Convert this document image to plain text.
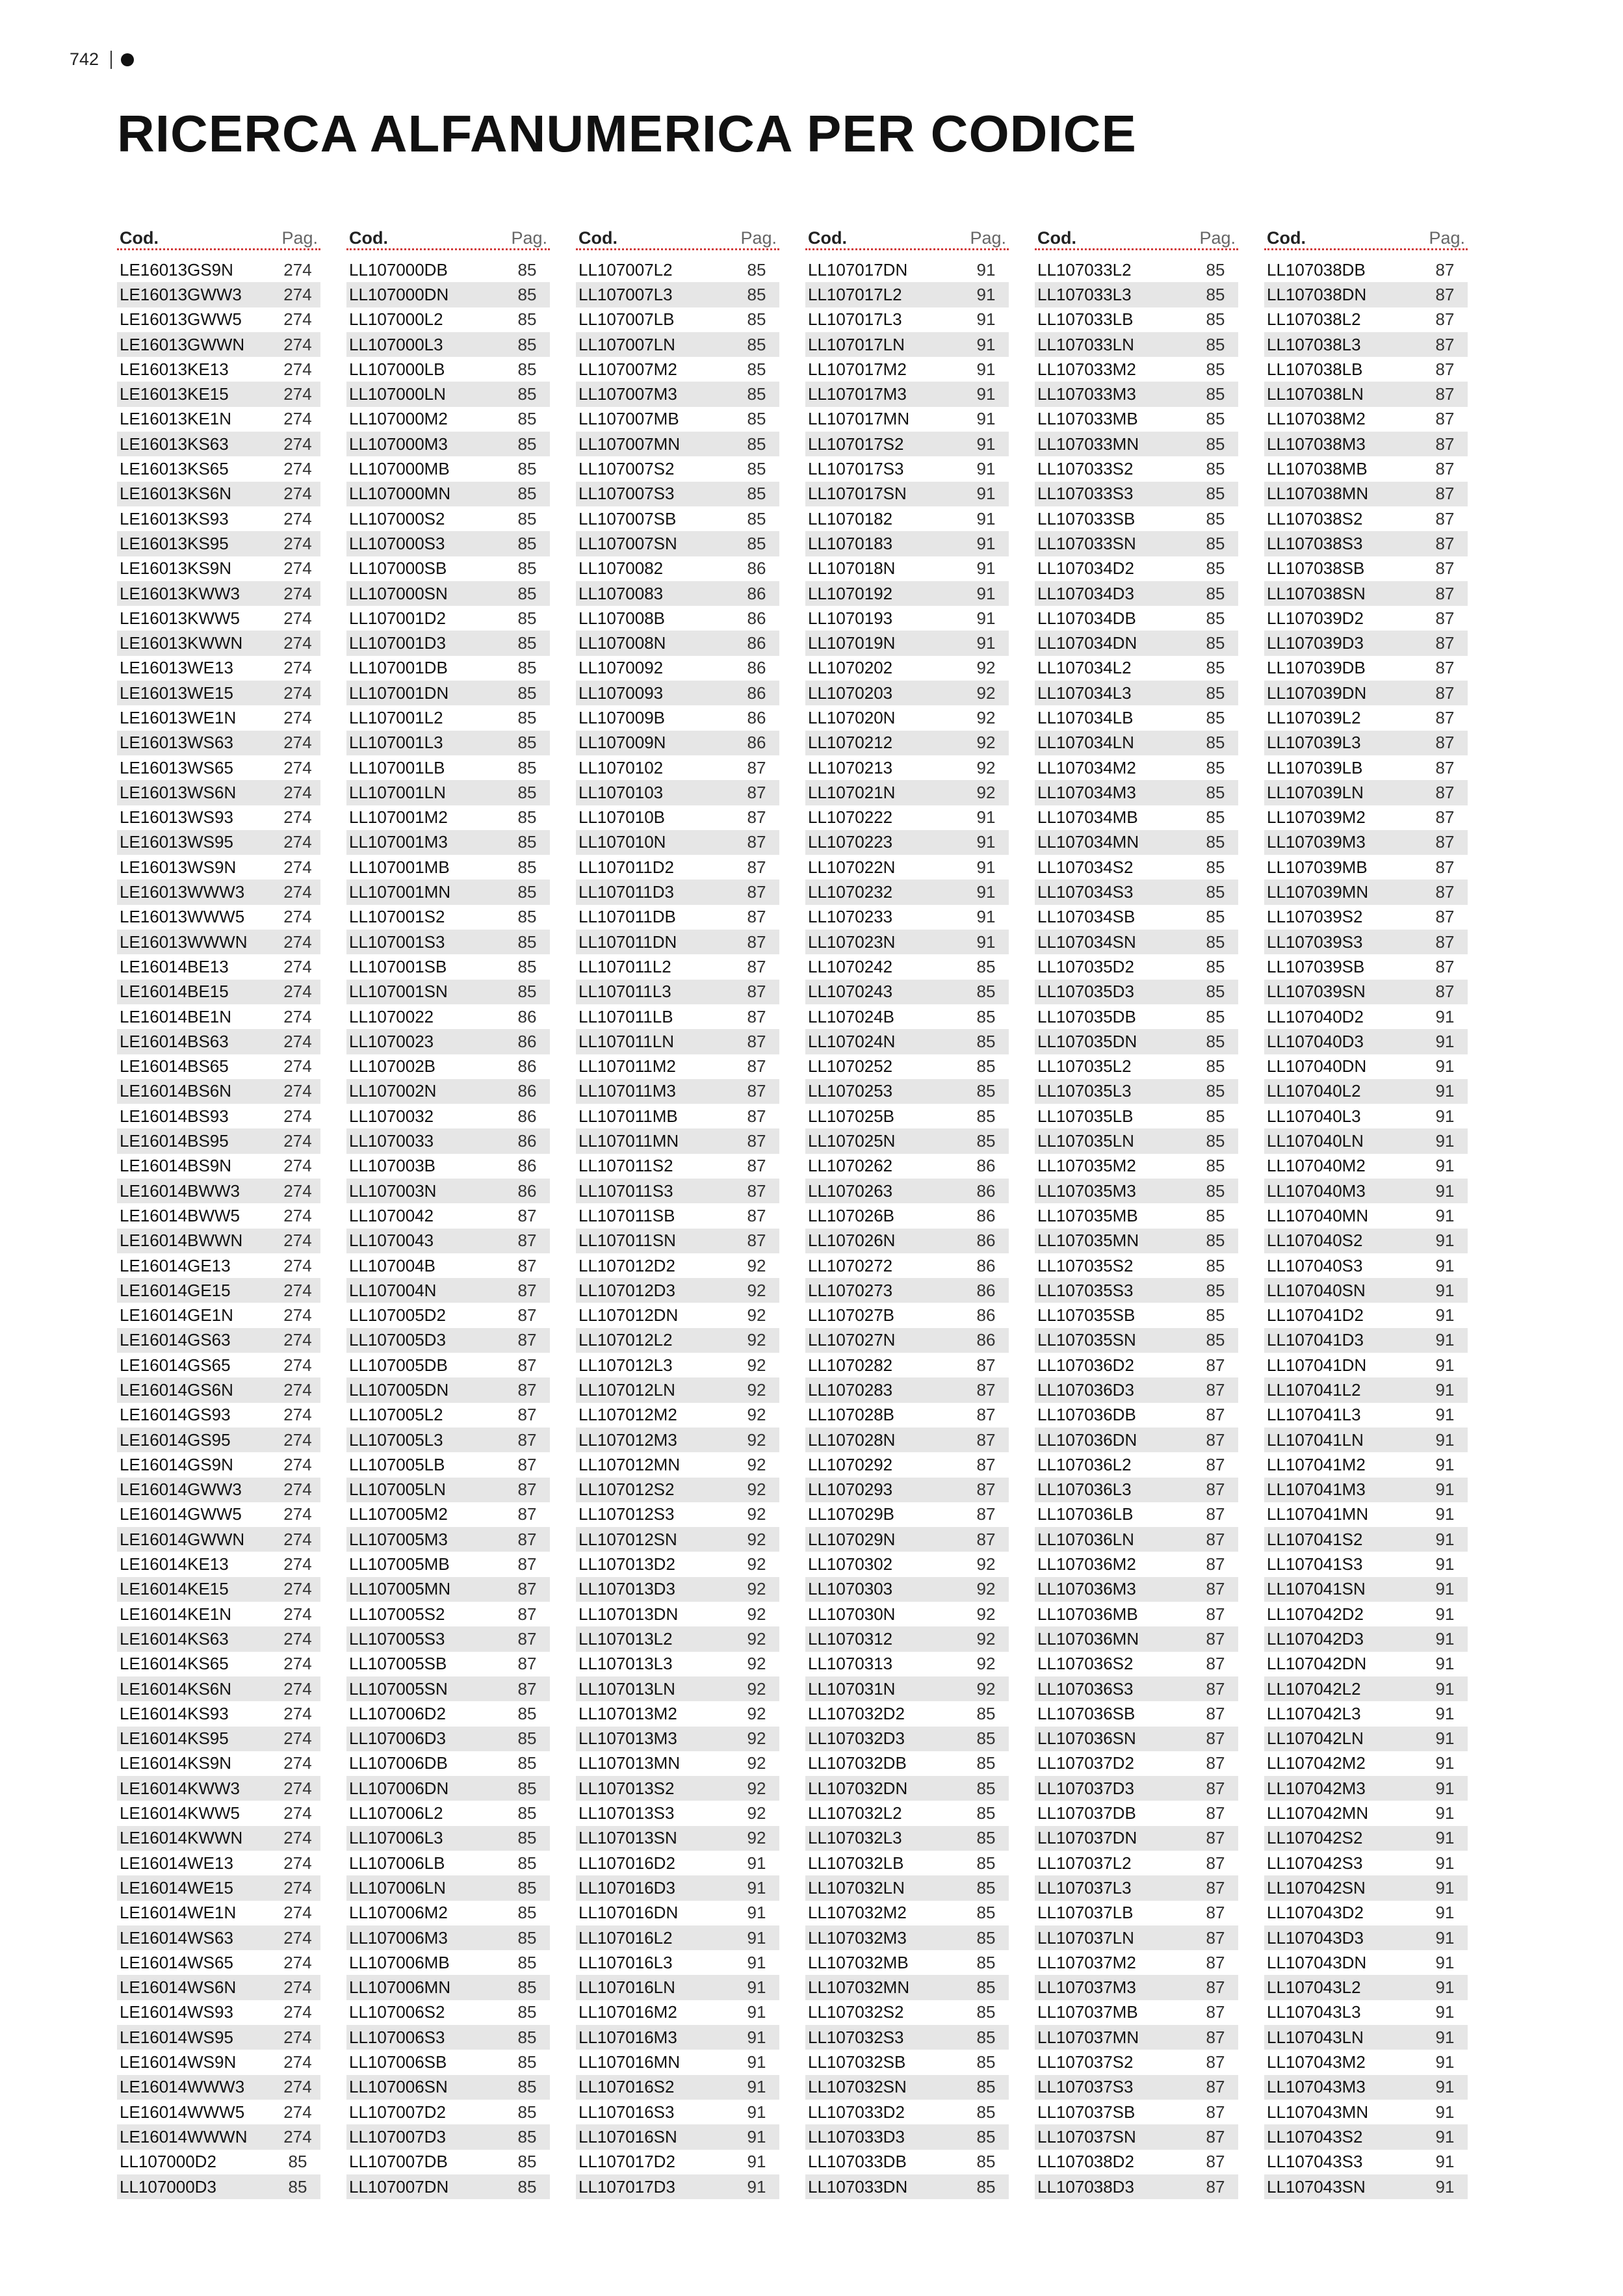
742
RICERCA ALFANUMERICA PER CODICE
Cod.	Pag.
LE16013GS9N	274
LE16013GWW3	274
LE16013GWW5	274
LE16013GWWN	274
LE16013KE13	274
LE16013KE15	274
LE16013KE1N	274
LE16013KS63	274
LE16013KS65	274
LE16013KS6N	274
LE16013KS93	274
LE16013KS95	274
LE16013KS9N	274
LE16013KWW3	274
LE16013KWW5	274
LE16013KWWN	274
LE16013WE13	274
LE16013WE15	274
LE16013WE1N	274
LE16013WS63	274
LE16013WS65	274
LE16013WS6N	274
LE16013WS93	274
LE16013WS95	274
LE16013WS9N	274
LE16013WWW3	274
LE16013WWW5	274
LE16013WWWN	274
LE16014BE13	274
LE16014BE15	274
LE16014BE1N	274
LE16014BS63	274
LE16014BS65	274
LE16014BS6N	274
LE16014BS93	274
LE16014BS95	274
LE16014BS9N	274
LE16014BWW3	274
LE16014BWW5	274
LE16014BWWN	274
LE16014GE13	274
LE16014GE15	274
LE16014GE1N	274
LE16014GS63	274
LE16014GS65	274
LE16014GS6N	274
LE16014GS93	274
LE16014GS95	274
LE16014GS9N	274
LE16014GWW3	274
LE16014GWW5	274
LE16014GWWN	274
LE16014KE13	274
LE16014KE15	274
LE16014KE1N	274
LE16014KS63	274
LE16014KS65	274
LE16014KS6N	274
LE16014KS93	274
LE16014KS95	274
LE16014KS9N	274
LE16014KWW3	274
LE16014KWW5	274
LE16014KWWN	274
LE16014WE13	274
LE16014WE15	274
LE16014WE1N	274
LE16014WS63	274
LE16014WS65	274
LE16014WS6N	274
LE16014WS93	274
LE16014WS95	274
LE16014WS9N	274
LE16014WWW3	274
LE16014WWW5	274
LE16014WWWN	274
LL107000D2	85
LL107000D3	85
Cod.	Pag.
LL107000DB	85
LL107000DN	85
LL107000L2	85
LL107000L3	85
LL107000LB	85
LL107000LN	85
LL107000M2	85
LL107000M3	85
LL107000MB	85
LL107000MN	85
LL107000S2	85
LL107000S3	85
LL107000SB	85
LL107000SN	85
LL107001D2	85
LL107001D3	85
LL107001DB	85
LL107001DN	85
LL107001L2	85
LL107001L3	85
LL107001LB	85
LL107001LN	85
LL107001M2	85
LL107001M3	85
LL107001MB	85
LL107001MN	85
LL107001S2	85
LL107001S3	85
LL107001SB	85
LL107001SN	85
LL1070022	86
LL1070023	86
LL107002B	86
LL107002N	86
LL1070032	86
LL1070033	86
LL107003B	86
LL107003N	86
LL1070042	87
LL1070043	87
LL107004B	87
LL107004N	87
LL107005D2	87
LL107005D3	87
LL107005DB	87
LL107005DN	87
LL107005L2	87
LL107005L3	87
LL107005LB	87
LL107005LN	87
LL107005M2	87
LL107005M3	87
LL107005MB	87
LL107005MN	87
LL107005S2	87
LL107005S3	87
LL107005SB	87
LL107005SN	87
LL107006D2	85
LL107006D3	85
LL107006DB	85
LL107006DN	85
LL107006L2	85
LL107006L3	85
LL107006LB	85
LL107006LN	85
LL107006M2	85
LL107006M3	85
LL107006MB	85
LL107006MN	85
LL107006S2	85
LL107006S3	85
LL107006SB	85
LL107006SN	85
LL107007D2	85
LL107007D3	85
LL107007DB	85
LL107007DN	85
Cod.	Pag.
LL107007L2	85
LL107007L3	85
LL107007LB	85
LL107007LN	85
LL107007M2	85
LL107007M3	85
LL107007MB	85
LL107007MN	85
LL107007S2	85
LL107007S3	85
LL107007SB	85
LL107007SN	85
LL1070082	86
LL1070083	86
LL107008B	86
LL107008N	86
LL1070092	86
LL1070093	86
LL107009B	86
LL107009N	86
LL1070102	87
LL1070103	87
LL107010B	87
LL107010N	87
LL107011D2	87
LL107011D3	87
LL107011DB	87
LL107011DN	87
LL107011L2	87
LL107011L3	87
LL107011LB	87
LL107011LN	87
LL107011M2	87
LL107011M3	87
LL107011MB	87
LL107011MN	87
LL107011S2	87
LL107011S3	87
LL107011SB	87
LL107011SN	87
LL107012D2	92
LL107012D3	92
LL107012DN	92
LL107012L2	92
LL107012L3	92
LL107012LN	92
LL107012M2	92
LL107012M3	92
LL107012MN	92
LL107012S2	92
LL107012S3	92
LL107012SN	92
LL107013D2	92
LL107013D3	92
LL107013DN	92
LL107013L2	92
LL107013L3	92
LL107013LN	92
LL107013M2	92
LL107013M3	92
LL107013MN	92
LL107013S2	92
LL107013S3	92
LL107013SN	92
LL107016D2	91
LL107016D3	91
LL107016DN	91
LL107016L2	91
LL107016L3	91
LL107016LN	91
LL107016M2	91
LL107016M3	91
LL107016MN	91
LL107016S2	91
LL107016S3	91
LL107016SN	91
LL107017D2	91
LL107017D3	91
Cod.	Pag.
LL107017DN	91
LL107017L2	91
LL107017L3	91
LL107017LN	91
LL107017M2	91
LL107017M3	91
LL107017MN	91
LL107017S2	91
LL107017S3	91
LL107017SN	91
LL1070182	91
LL1070183	91
LL107018N	91
LL1070192	91
LL1070193	91
LL107019N	91
LL1070202	92
LL1070203	92
LL107020N	92
LL1070212	92
LL1070213	92
LL107021N	92
LL1070222	91
LL1070223	91
LL107022N	91
LL1070232	91
LL1070233	91
LL107023N	91
LL1070242	85
LL1070243	85
LL107024B	85
LL107024N	85
LL1070252	85
LL1070253	85
LL107025B	85
LL107025N	85
LL1070262	86
LL1070263	86
LL107026B	86
LL107026N	86
LL1070272	86
LL1070273	86
LL107027B	86
LL107027N	86
LL1070282	87
LL1070283	87
LL107028B	87
LL107028N	87
LL1070292	87
LL1070293	87
LL107029B	87
LL107029N	87
LL1070302	92
LL1070303	92
LL107030N	92
LL1070312	92
LL1070313	92
LL107031N	92
LL107032D2	85
LL107032D3	85
LL107032DB	85
LL107032DN	85
LL107032L2	85
LL107032L3	85
LL107032LB	85
LL107032LN	85
LL107032M2	85
LL107032M3	85
LL107032MB	85
LL107032MN	85
LL107032S2	85
LL107032S3	85
LL107032SB	85
LL107032SN	85
LL107033D2	85
LL107033D3	85
LL107033DB	85
LL107033DN	85
Cod.	Pag.
LL107033L2	85
LL107033L3	85
LL107033LB	85
LL107033LN	85
LL107033M2	85
LL107033M3	85
LL107033MB	85
LL107033MN	85
LL107033S2	85
LL107033S3	85
LL107033SB	85
LL107033SN	85
LL107034D2	85
LL107034D3	85
LL107034DB	85
LL107034DN	85
LL107034L2	85
LL107034L3	85
LL107034LB	85
LL107034LN	85
LL107034M2	85
LL107034M3	85
LL107034MB	85
LL107034MN	85
LL107034S2	85
LL107034S3	85
LL107034SB	85
LL107034SN	85
LL107035D2	85
LL107035D3	85
LL107035DB	85
LL107035DN	85
LL107035L2	85
LL107035L3	85
LL107035LB	85
LL107035LN	85
LL107035M2	85
LL107035M3	85
LL107035MB	85
LL107035MN	85
LL107035S2	85
LL107035S3	85
LL107035SB	85
LL107035SN	85
LL107036D2	87
LL107036D3	87
LL107036DB	87
LL107036DN	87
LL107036L2	87
LL107036L3	87
LL107036LB	87
LL107036LN	87
LL107036M2	87
LL107036M3	87
LL107036MB	87
LL107036MN	87
LL107036S2	87
LL107036S3	87
LL107036SB	87
LL107036SN	87
LL107037D2	87
LL107037D3	87
LL107037DB	87
LL107037DN	87
LL107037L2	87
LL107037L3	87
LL107037LB	87
LL107037LN	87
LL107037M2	87
LL107037M3	87
LL107037MB	87
LL107037MN	87
LL107037S2	87
LL107037S3	87
LL107037SB	87
LL107037SN	87
LL107038D2	87
LL107038D3	87
Cod.	Pag.
LL107038DB	87
LL107038DN	87
LL107038L2	87
LL107038L3	87
LL107038LB	87
LL107038LN	87
LL107038M2	87
LL107038M3	87
LL107038MB	87
LL107038MN	87
LL107038S2	87
LL107038S3	87
LL107038SB	87
LL107038SN	87
LL107039D2	87
LL107039D3	87
LL107039DB	87
LL107039DN	87
LL107039L2	87
LL107039L3	87
LL107039LB	87
LL107039LN	87
LL107039M2	87
LL107039M3	87
LL107039MB	87
LL107039MN	87
LL107039S2	87
LL107039S3	87
LL107039SB	87
LL107039SN	87
LL107040D2	91
LL107040D3	91
LL107040DN	91
LL107040L2	91
LL107040L3	91
LL107040LN	91
LL107040M2	91
LL107040M3	91
LL107040MN	91
LL107040S2	91
LL107040S3	91
LL107040SN	91
LL107041D2	91
LL107041D3	91
LL107041DN	91
LL107041L2	91
LL107041L3	91
LL107041LN	91
LL107041M2	91
LL107041M3	91
LL107041MN	91
LL107041S2	91
LL107041S3	91
LL107041SN	91
LL107042D2	91
LL107042D3	91
LL107042DN	91
LL107042L2	91
LL107042L3	91
LL107042LN	91
LL107042M2	91
LL107042M3	91
LL107042MN	91
LL107042S2	91
LL107042S3	91
LL107042SN	91
LL107043D2	91
LL107043D3	91
LL107043DN	91
LL107043L2	91
LL107043L3	91
LL107043LN	91
LL107043M2	91
LL107043M3	91
LL107043MN	91
LL107043S2	91
LL107043S3	91
LL107043SN	91
